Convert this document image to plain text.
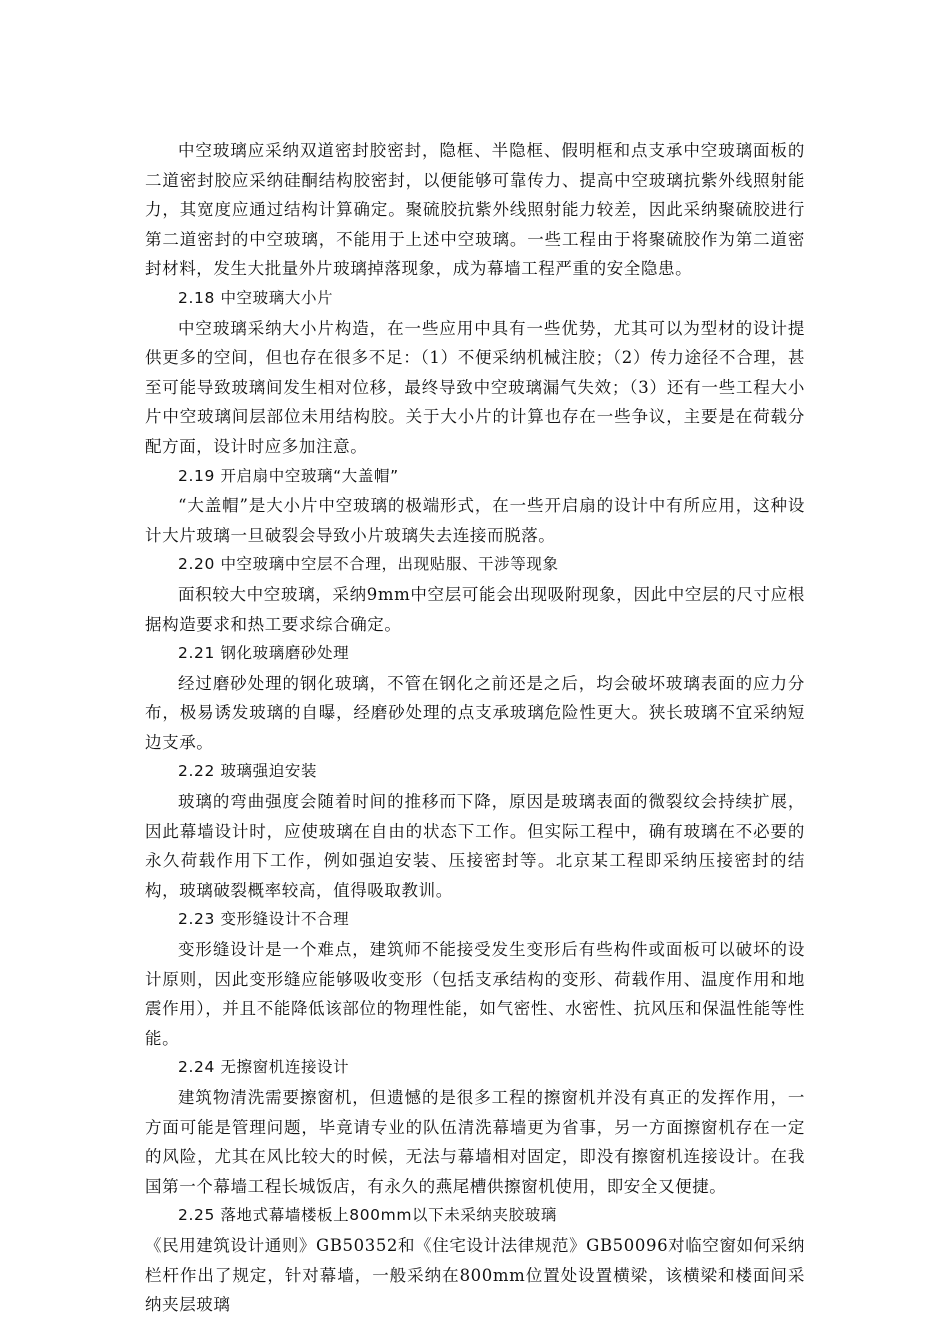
中空玻璃应采纳双道密封胶密封，隐框、半隐框、假明框和点支承中空玻璃面板的二道密封胶应采纳硅酮结构胶密封，以便能够可靠传力、提高中空玻璃抗紫外线照射能力，其宽度应通过结构计算确定。聚硫胶抗紫外线照射能力较差，因此采纳聚硫胶进行第二道密封的中空玻璃，不能用于上述中空玻璃。一些工程由于将聚硫胶作为第二道密封材料，发生大批量外片玻璃掉落现象，成为幕墙工程严重的安全隐患。

2.18 中空玻璃大小片

中空玻璃采纳大小片构造，在一些应用中具有一些优势，尤其可以为型材的设计提供更多的空间，但也存在很多不足：（1）不便采纳机械注胶；（2）传力途径不合理，甚至可能导致玻璃间发生相对位移，最终导致中空玻璃漏气失效；（3）还有一些工程大小片中空玻璃间层部位未用结构胶。关于大小片的计算也存在一些争议，主要是在荷载分配方面，设计时应多加注意。

2.19 开启扇中空玻璃“大盖帽”

“大盖帽”是大小片中空玻璃的极端形式，在一些开启扇的设计中有所应用，这种设计大片玻璃一旦破裂会导致小片玻璃失去连接而脱落。

2.20 中空玻璃中空层不合理，出现贴服、干涉等现象

面积较大中空玻璃，采纳9mm中空层可能会出现吸附现象，因此中空层的尺寸应根据构造要求和热工要求综合确定。

2.21 钢化玻璃磨砂处理

经过磨砂处理的钢化玻璃，不管在钢化之前还是之后，均会破坏玻璃表面的应力分布，极易诱发玻璃的自曝，经磨砂处理的点支承玻璃危险性更大。狭长玻璃不宜采纳短边支承。

2.22 玻璃强迫安装

玻璃的弯曲强度会随着时间的推移而下降，原因是玻璃表面的微裂纹会持续扩展，因此幕墙设计时，应使玻璃在自由的状态下工作。但实际工程中，确有玻璃在不必要的永久荷载作用下工作，例如强迫安装、压接密封等。北京某工程即采纳压接密封的结构，玻璃破裂概率较高，值得吸取教训。

2.23 变形缝设计不合理

变形缝设计是一个难点，建筑师不能接受发生变形后有些构件或面板可以破坏的设计原则，因此变形缝应能够吸收变形（包括支承结构的变形、荷载作用、温度作用和地震作用），并且不能降低该部位的物理性能，如气密性、水密性、抗风压和保温性能等性能。

2.24 无擦窗机连接设计

建筑物清洗需要擦窗机，但遗憾的是很多工程的擦窗机并没有真正的发挥作用，一方面可能是管理问题，毕竟请专业的队伍清洗幕墙更为省事，另一方面擦窗机存在一定的风险，尤其在风比较大的时候，无法与幕墙相对固定，即没有擦窗机连接设计。在我国第一个幕墙工程长城饭店，有永久的燕尾槽供擦窗机使用，即安全又便捷。

2.25 落地式幕墙楼板上800mm以下未采纳夹胶玻璃

《民用建筑设计通则》GB50352和《住宅设计法律规范》GB50096对临空窗如何采纳栏杆作出了规定，针对幕墙，一般采纳在800mm位置处设置横梁，该横梁和楼面间采纳夹层玻璃
